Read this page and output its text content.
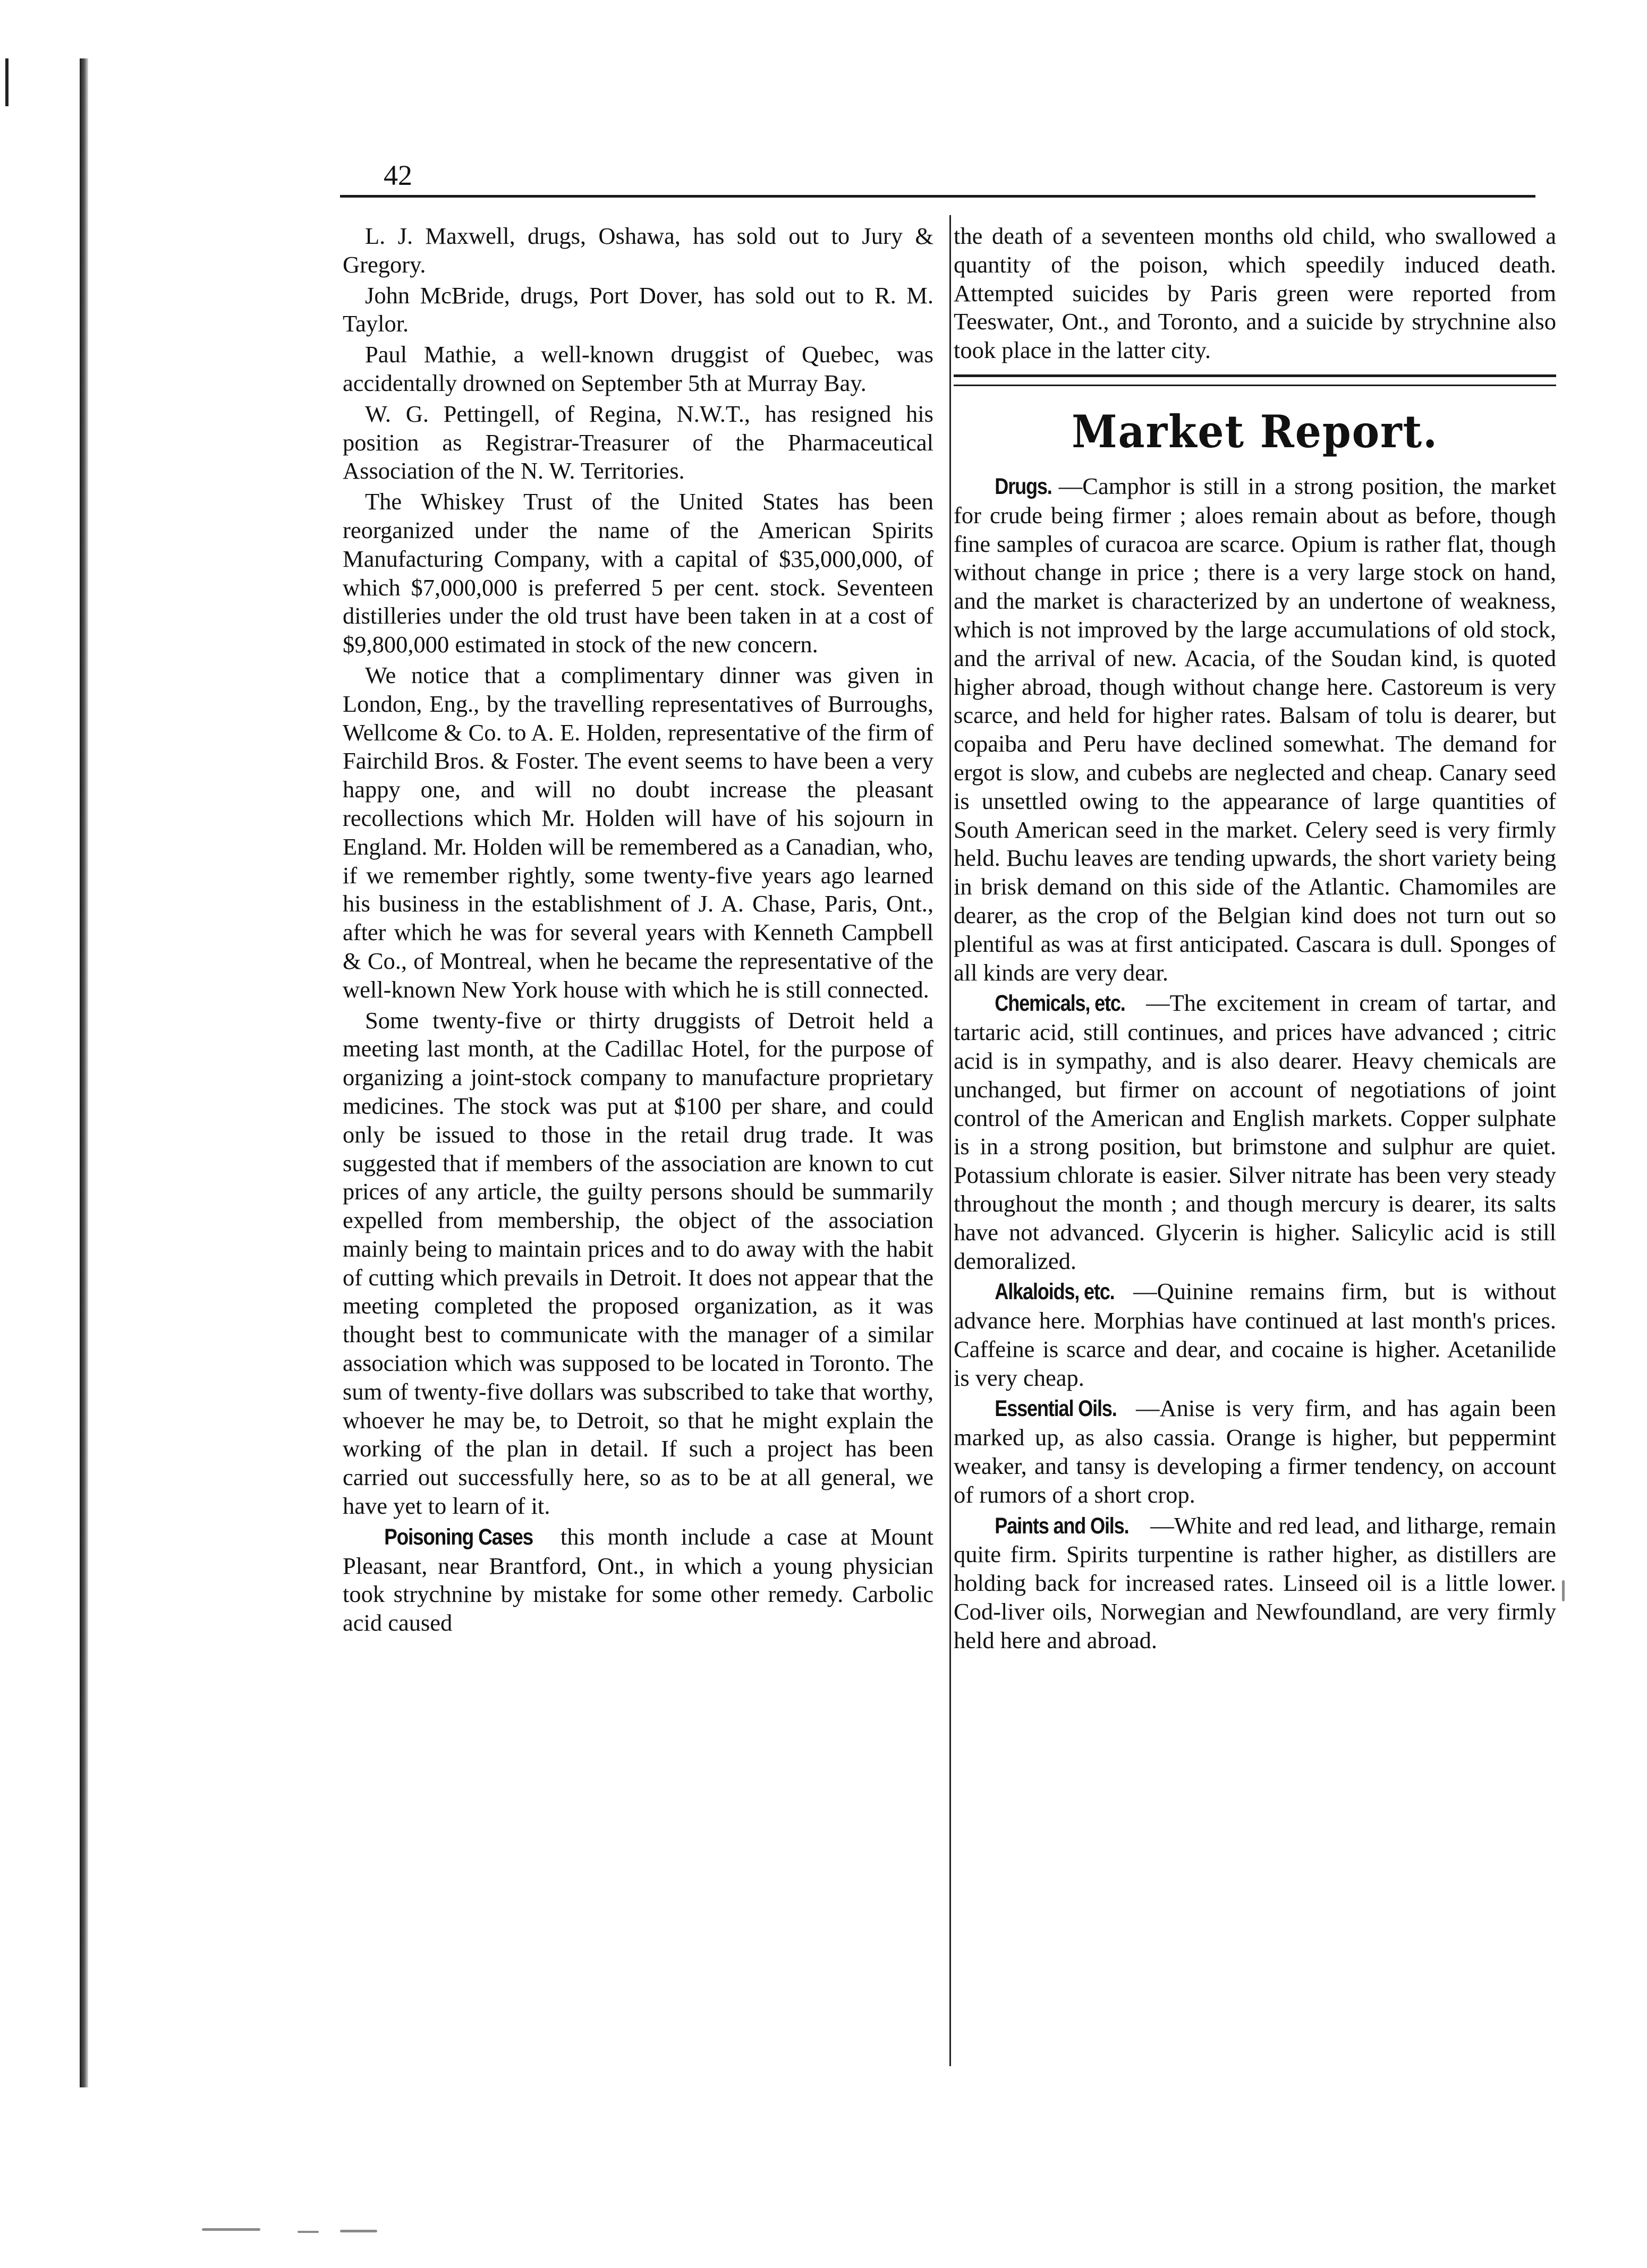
42

L. J. Maxwell, drugs, Oshawa, has sold out to Jury & Gregory.

John McBride, drugs, Port Dover, has sold out to R. M. Taylor.

Paul Mathie, a well-known druggist of Quebec, was accidentally drowned on September 5th at Murray Bay.

W. G. Pettingell, of Regina, N.W.T., has resigned his position as Registrar-Treasurer of the Pharmaceutical Association of the N. W. Territories.

The Whiskey Trust of the United States has been reorganized under the name of the American Spirits Manufacturing Company, with a capital of $35,000,000, of which $7,000,000 is preferred 5 per cent. stock. Seventeen distilleries under the old trust have been taken in at a cost of $9,800,000 estimated in stock of the new concern.

We notice that a complimentary dinner was given in London, Eng., by the travelling representatives of Burroughs, Wellcome & Co. to A. E. Holden, representative of the firm of Fairchild Bros. & Foster. The event seems to have been a very happy one, and will no doubt increase the pleasant recollections which Mr. Holden will have of his sojourn in England. Mr. Holden will be remembered as a Canadian, who, if we remember rightly, some twenty-five years ago learned his business in the establishment of J. A. Chase, Paris, Ont., after which he was for several years with Kenneth Campbell & Co., of Montreal, when he became the representative of the well-known New York house with which he is still connected.

Some twenty-five or thirty druggists of Detroit held a meeting last month, at the Cadillac Hotel, for the purpose of organizing a joint-stock company to manufacture proprietary medicines. The stock was put at $100 per share, and could only be issued to those in the retail drug trade. It was suggested that if members of the association are known to cut prices of any article, the guilty persons should be summarily expelled from membership, the object of the association mainly being to maintain prices and to do away with the habit of cutting which prevails in Detroit. It does not appear that the meeting completed the proposed organization, as it was thought best to communicate with the manager of a similar association which was supposed to be located in Toronto. The sum of twenty-five dollars was subscribed to take that worthy, whoever he may be, to Detroit, so that he might explain the working of the plan in detail. If such a project has been carried out successfully here, so as to be at all general, we have yet to learn of it.

Poisoning Cases this month include a case at Mount Pleasant, near Brantford, Ont., in which a young physician took strychnine by mistake for some other remedy. Carbolic acid caused

the death of a seventeen months old child, who swallowed a quantity of the poison, which speedily induced death. Attempted suicides by Paris green were reported from Teeswater, Ont., and Toronto, and a suicide by strychnine also took place in the latter city.

Market Report.

Drugs. —Camphor is still in a strong position, the market for crude being firmer ; aloes remain about as before, though fine samples of curacoa are scarce. Opium is rather flat, though without change in price ; there is a very large stock on hand, and the market is characterized by an undertone of weakness, which is not improved by the large accumulations of old stock, and the arrival of new. Acacia, of the Soudan kind, is quoted higher abroad, though without change here. Castoreum is very scarce, and held for higher rates. Balsam of tolu is dearer, but copaiba and Peru have declined somewhat. The demand for ergot is slow, and cubebs are neglected and cheap. Canary seed is unsettled owing to the appearance of large quantities of South American seed in the market. Celery seed is very firmly held. Buchu leaves are tending upwards, the short variety being in brisk demand on this side of the Atlantic. Chamomiles are dearer, as the crop of the Belgian kind does not turn out so plentiful as was at first anticipated. Cascara is dull. Sponges of all kinds are very dear.

Chemicals, etc. —The excitement in cream of tartar, and tartaric acid, still continues, and prices have advanced ; citric acid is in sympathy, and is also dearer. Heavy chemicals are unchanged, but firmer on account of negotiations of joint control of the American and English markets. Copper sulphate is in a strong position, but brimstone and sulphur are quiet. Potassium chlorate is easier. Silver nitrate has been very steady throughout the month ; and though mercury is dearer, its salts have not advanced. Glycerin is higher. Salicylic acid is still demoralized.

Alkaloids, etc. —Quinine remains firm, but is without advance here. Morphias have continued at last month's prices. Caffeine is scarce and dear, and cocaine is higher. Acetanilide is very cheap.

Essential Oils. —Anise is very firm, and has again been marked up, as also cassia. Orange is higher, but peppermint weaker, and tansy is developing a firmer tendency, on account of rumors of a short crop.

Paints and Oils. —White and red lead, and litharge, remain quite firm. Spirits turpentine is rather higher, as distillers are holding back for increased rates. Linseed oil is a little lower. Cod-liver oils, Norwegian and Newfoundland, are very firmly held here and abroad.
